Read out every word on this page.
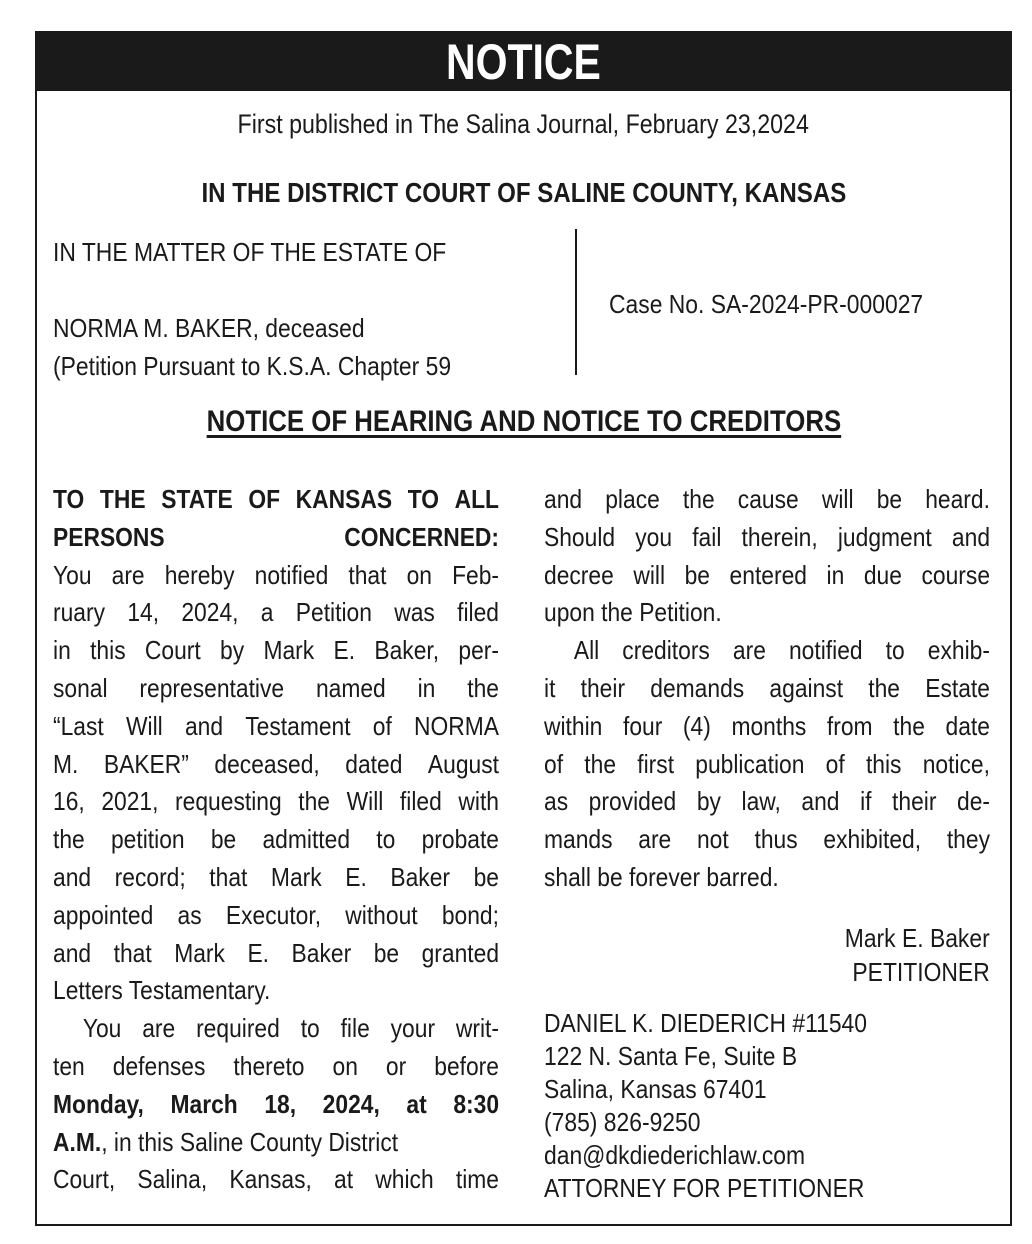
NOTICE
First published in The Salina Journal, February 23,2024
IN THE DISTRICT COURT OF SALINE COUNTY, KANSAS
IN THE MATTER OF THE ESTATE OF
NORMA M. BAKER, deceased
(Petition Pursuant to K.S.A. Chapter 59
Case No. SA-2024-PR-000027
NOTICE OF HEARING AND NOTICE TO CREDITORS
TO THE STATE OF KANSAS TO ALL
PERSONS	CONCERNED:
You are hereby notified that on Feb-
ruary 14, 2024, a Petition was filed
in this Court by Mark E. Baker, per-
sonal representative named in the
“Last Will and Testament of NORMA
M. BAKER” deceased, dated August
16, 2021, requesting the Will filed with
the petition be admitted to probate
and record; that Mark E. Baker be
appointed as Executor, without bond;
and that Mark E. Baker be granted
Letters Testamentary.
You are required to file your writ-
ten defenses thereto on or before
Monday, March 18, 2024, at 8:30
A.M., in this Saline County District
Court, Salina, Kansas, at which time
and place the cause will be heard.
Should you fail therein, judgment and
decree will be entered in due course
upon the Petition.
All creditors are notified to exhib-
it their demands against the Estate
within four (4) months from the date
of the first publication of this notice,
as provided by law, and if their de-
mands are not thus exhibited, they
shall be forever barred.
Mark E. Baker
PETITIONER
DANIEL K. DIEDERICH #11540
122 N. Santa Fe, Suite B
Salina, Kansas 67401
(785) 826-9250
dan@dkdiederichlaw.com
ATTORNEY FOR PETITIONER
